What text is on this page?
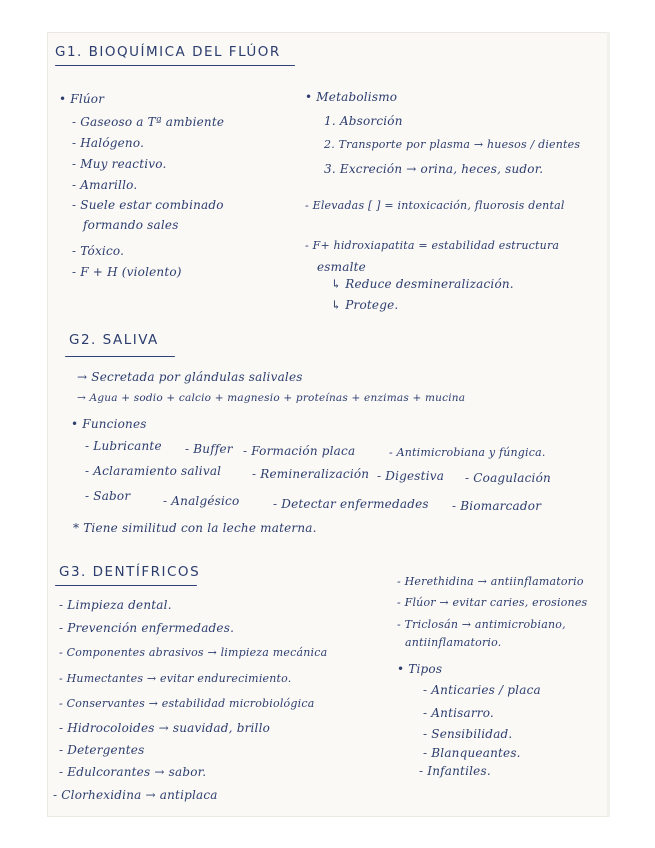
G1. BIOQUÍMICA DEL FLÚOR
• Flúor
- Gaseoso a Tª ambiente
- Halógeno.
- Muy reactivo.
- Amarillo.
- Suele estar combinado
formando sales
- Tóxico.
- F + H (violento)
• Metabolismo
1. Absorción
2. Transporte por plasma → huesos / dientes
3. Excreción → orina, heces, sudor.
- Elevadas [ ] = intoxicación, fluorosis dental
- F+ hidroxiapatita = estabilidad estructura
esmalte
↳ Reduce desmineralización.
↳ Protege.
G2. SALIVA
→ Secretada por glándulas salivales
→ Agua + sodio + calcio + magnesio + proteínas + enzimas + mucina
• Funciones
- Lubricante - Buffer - Formación placa	- Antimicrobiana y fúngica.
- Aclaramiento salival	- Remineralización - Digestiva - Coagulación
- Sabor	- Analgésico	- Detectar enfermedades - Biomarcador
* Tiene similitud con la leche materna.
G3. DENTÍFRICOS
- Limpieza dental.
- Prevención enfermedades.
- Componentes abrasivos → limpieza mecánica
- Humectantes → evitar endurecimiento.
- Conservantes → estabilidad microbiológica
- Hidrocoloides → suavidad, brillo
- Detergentes
- Edulcorantes → sabor.
- Clorhexidina → antiplaca
- Herethidina → antiinflamatorio
- Flúor → evitar caries, erosiones
- Triclosán → antimicrobiano,
antiinflamatorio.
• Tipos
- Anticaries / placa
- Antisarro.
- Sensibilidad.
- Blanqueantes.
- Infantiles.
